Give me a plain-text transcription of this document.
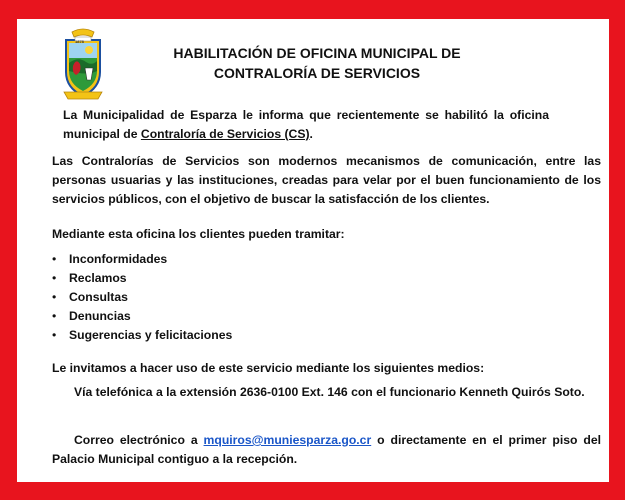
1878
HABILITACIÓN DE OFICINA MUNICIPAL DE
CONTRALORÍA DE SERVICIOS
La Municipalidad de Esparza le informa que recientemente se habilitó la oficina municipal de Contraloría de Servicios (CS).
Las Contralorías de Servicios son modernos mecanismos de comunicación, entre las personas usuarias y las instituciones, creadas para velar por el buen funcionamiento de los servicios públicos, con el objetivo de buscar la satisfacción de los clientes.
Mediante esta oficina los clientes pueden tramitar:
• Inconformidades
• Reclamos
• Consultas
• Denuncias
• Sugerencias y felicitaciones
Le invitamos a hacer uso de este servicio mediante los siguientes medios:
Vía telefónica a la extensión 2636-0100 Ext. 146 con el funcionario Kenneth Quirós Soto.
Correo electrónico a mquiros@muniesparza.go.cr o directamente en el primer piso del Palacio Municipal contiguo a la recepción.
